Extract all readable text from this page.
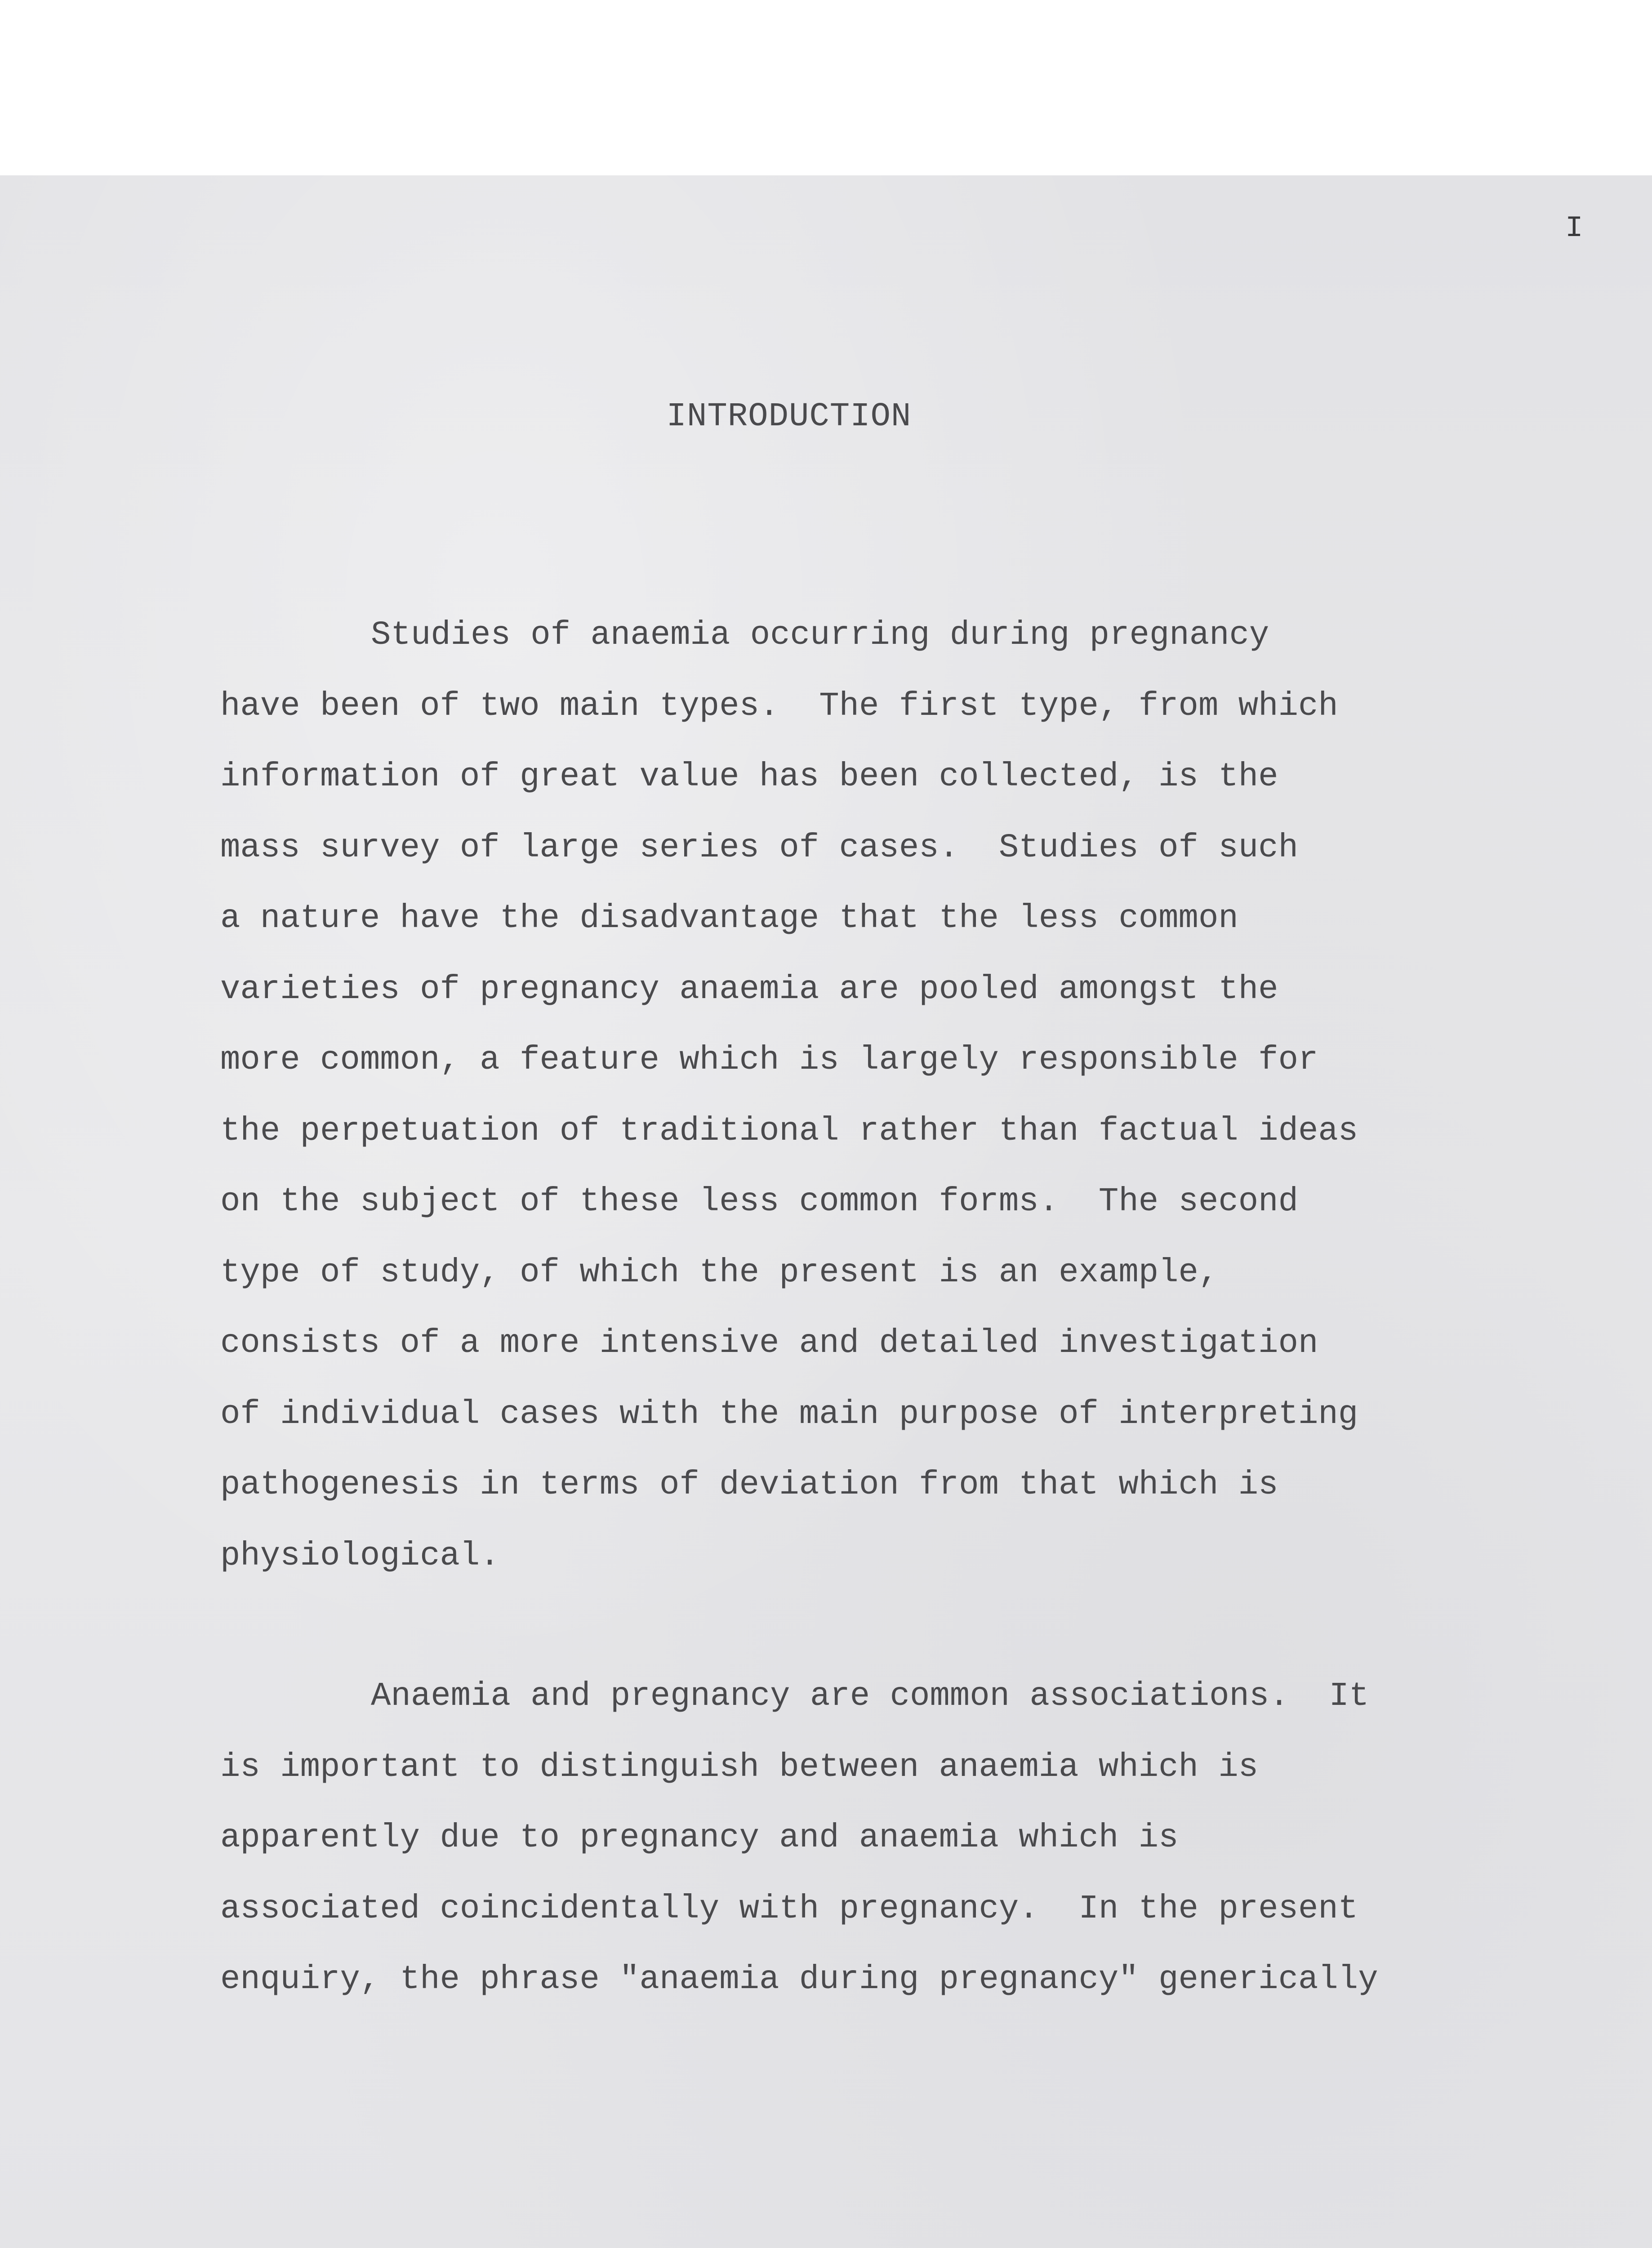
I
INTRODUCTION

Studies of anaemia occurring during pregnancy
have been of two main types.  The first type, from which
information of great value has been collected, is the
mass survey of large series of cases.  Studies of such
a nature have the disadvantage that the less common
varieties of pregnancy anaemia are pooled amongst the
more common, a feature which is largely responsible for
the perpetuation of traditional rather than factual ideas
on the subject of these less common forms.  The second
type of study, of which the present is an example,
consists of a more intensive and detailed investigation
of individual cases with the main purpose of interpreting
pathogenesis in terms of deviation from that which is
physiological.

Anaemia and pregnancy are common associations.  It
is important to distinguish between anaemia which is
apparently due to pregnancy and anaemia which is
associated coincidentally with pregnancy.  In the present
enquiry, the phrase "anaemia during pregnancy" generically
